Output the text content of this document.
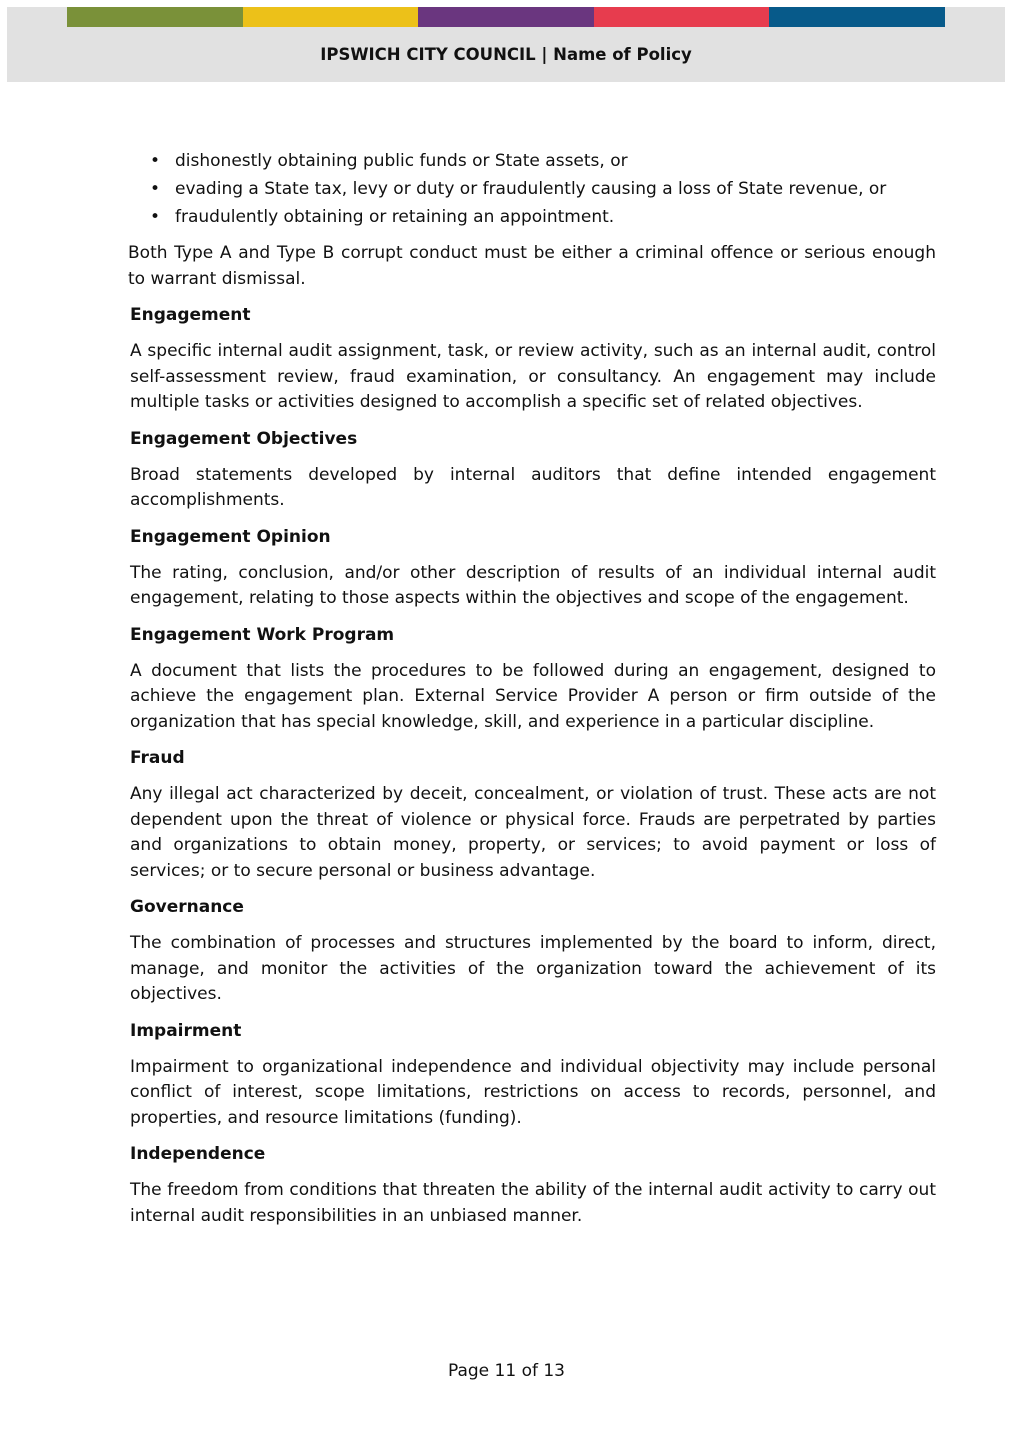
IPSWICH CITY COUNCIL | Name of Policy
• dishonestly obtaining public funds or State assets, or
• evading a State tax, levy or duty or fraudulently causing a loss of State revenue, or
• fraudulently obtaining or retaining an appointment.

Both Type A and Type B corrupt conduct must be either a criminal offence or serious enough to warrant dismissal.

Engagement
A specific internal audit assignment, task, or review activity, such as an internal audit, control self-assessment review, fraud examination, or consultancy. An engagement may include multiple tasks or activities designed to accomplish a specific set of related objectives.
Engagement Objectives
Broad statements developed by internal auditors that define intended engagement accomplishments.
Engagement Opinion
The rating, conclusion, and/or other description of results of an individual internal audit engagement, relating to those aspects within the objectives and scope of the engagement.
Engagement Work Program
A document that lists the procedures to be followed during an engagement, designed to achieve the engagement plan. External Service Provider A person or firm outside of the organization that has special knowledge, skill, and experience in a particular discipline.
Fraud
Any illegal act characterized by deceit, concealment, or violation of trust. These acts are not dependent upon the threat of violence or physical force. Frauds are perpetrated by parties and organizations to obtain money, property, or services; to avoid payment or loss of services; or to secure personal or business advantage.
Governance
The combination of processes and structures implemented by the board to inform, direct, manage, and monitor the activities of the organization toward the achievement of its objectives.
Impairment
Impairment to organizational independence and individual objectivity may include personal conflict of interest, scope limitations, restrictions on access to records, personnel, and properties, and resource limitations (funding).
Independence
The freedom from conditions that threaten the ability of the internal audit activity to carry out internal audit responsibilities in an unbiased manner.
Page 11 of 13
